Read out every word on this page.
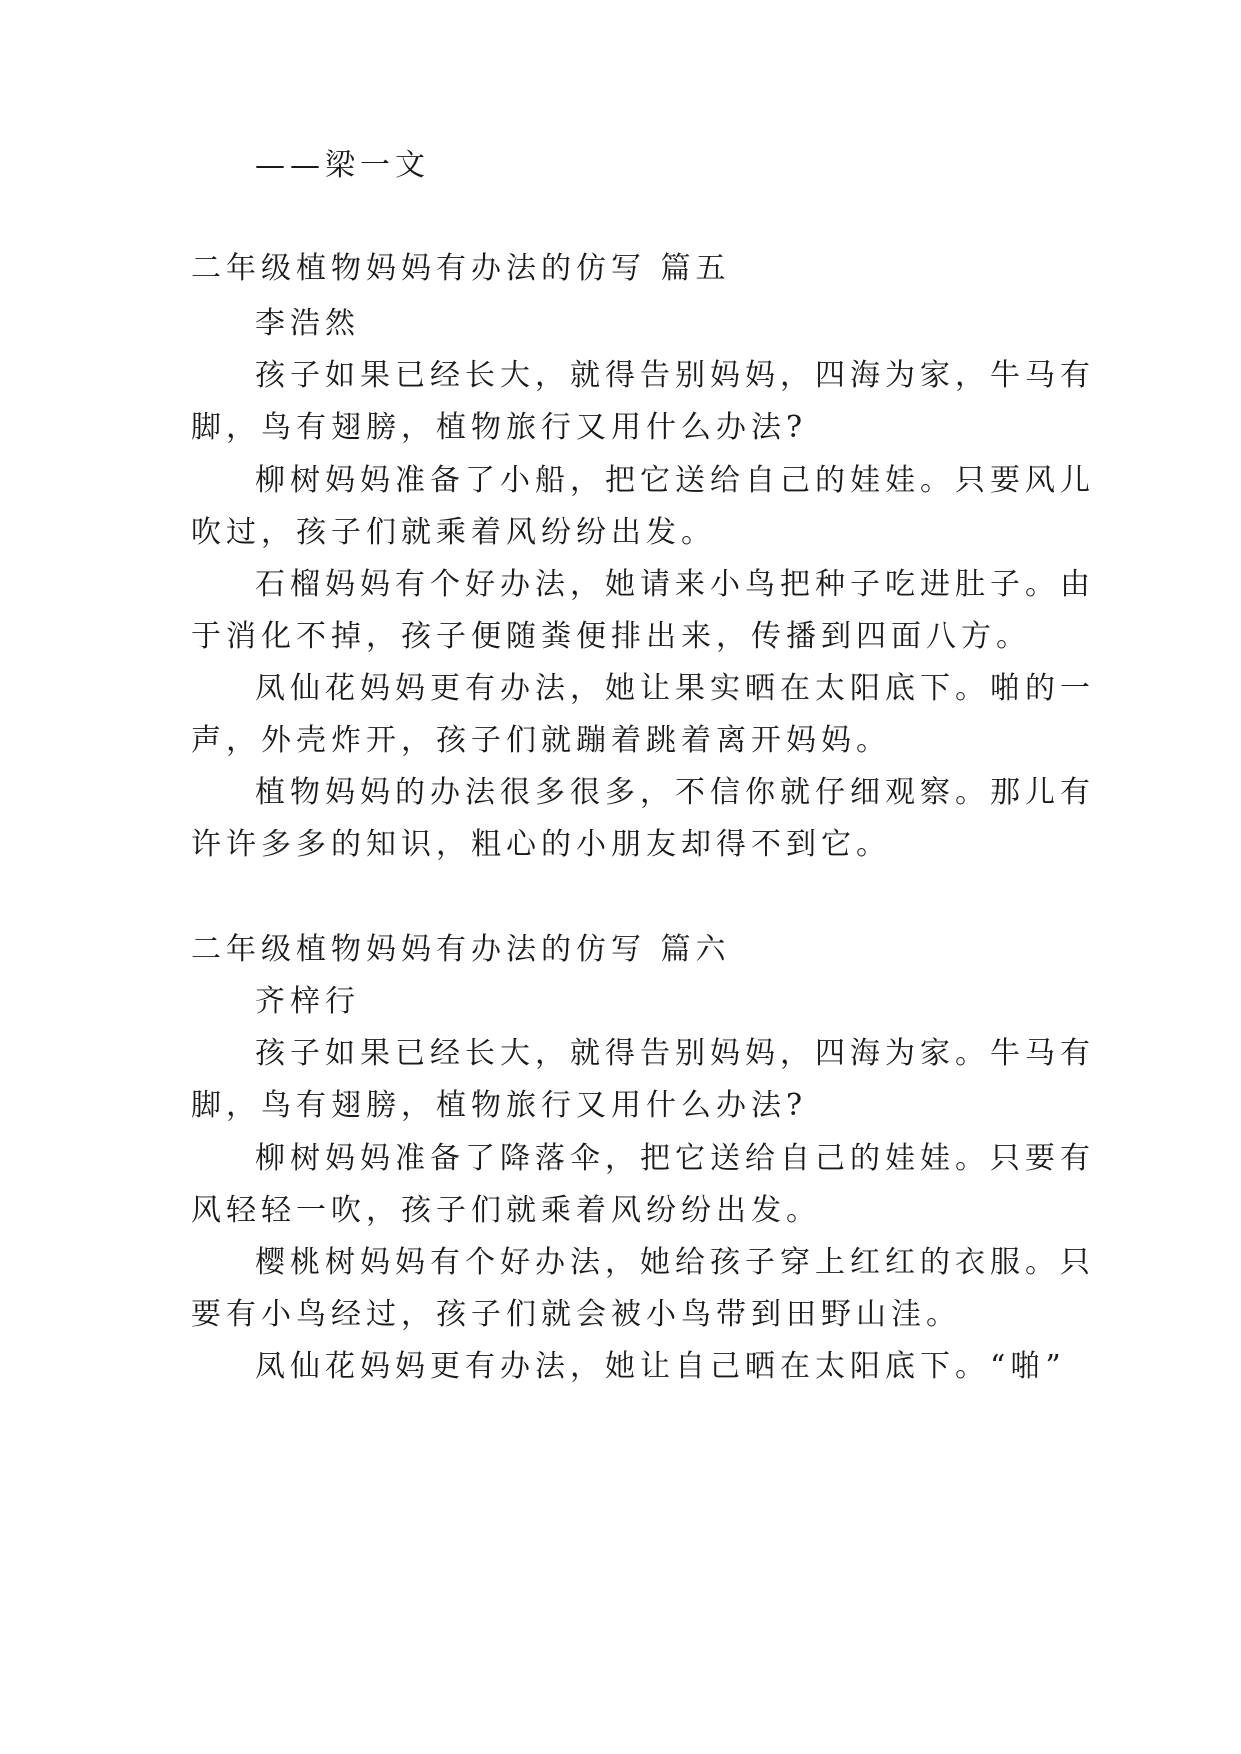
——梁一文
二年级植物妈妈有办法的仿写 篇五
李浩然
孩子如果已经长大，就得告别妈妈，四海为家，牛马有
脚，鸟有翅膀，植物旅行又用什么办法?
柳树妈妈准备了小船，把它送给自己的娃娃。只要风儿
吹过，孩子们就乘着风纷纷出发。
石榴妈妈有个好办法，她请来小鸟把种子吃进肚子。由
于消化不掉，孩子便随粪便排出来，传播到四面八方。
凤仙花妈妈更有办法，她让果实晒在太阳底下。啪的一
声，外壳炸开，孩子们就蹦着跳着离开妈妈。
植物妈妈的办法很多很多，不信你就仔细观察。那儿有
许许多多的知识，粗心的小朋友却得不到它。
二年级植物妈妈有办法的仿写 篇六
齐梓行
孩子如果已经长大，就得告别妈妈，四海为家。牛马有
脚，鸟有翅膀，植物旅行又用什么办法?
柳树妈妈准备了降落伞，把它送给自己的娃娃。只要有
风轻轻一吹，孩子们就乘着风纷纷出发。
樱桃树妈妈有个好办法，她给孩子穿上红红的衣服。只
要有小鸟经过，孩子们就会被小鸟带到田野山洼。
凤仙花妈妈更有办法，她让自己晒在太阳底下。“啪”
